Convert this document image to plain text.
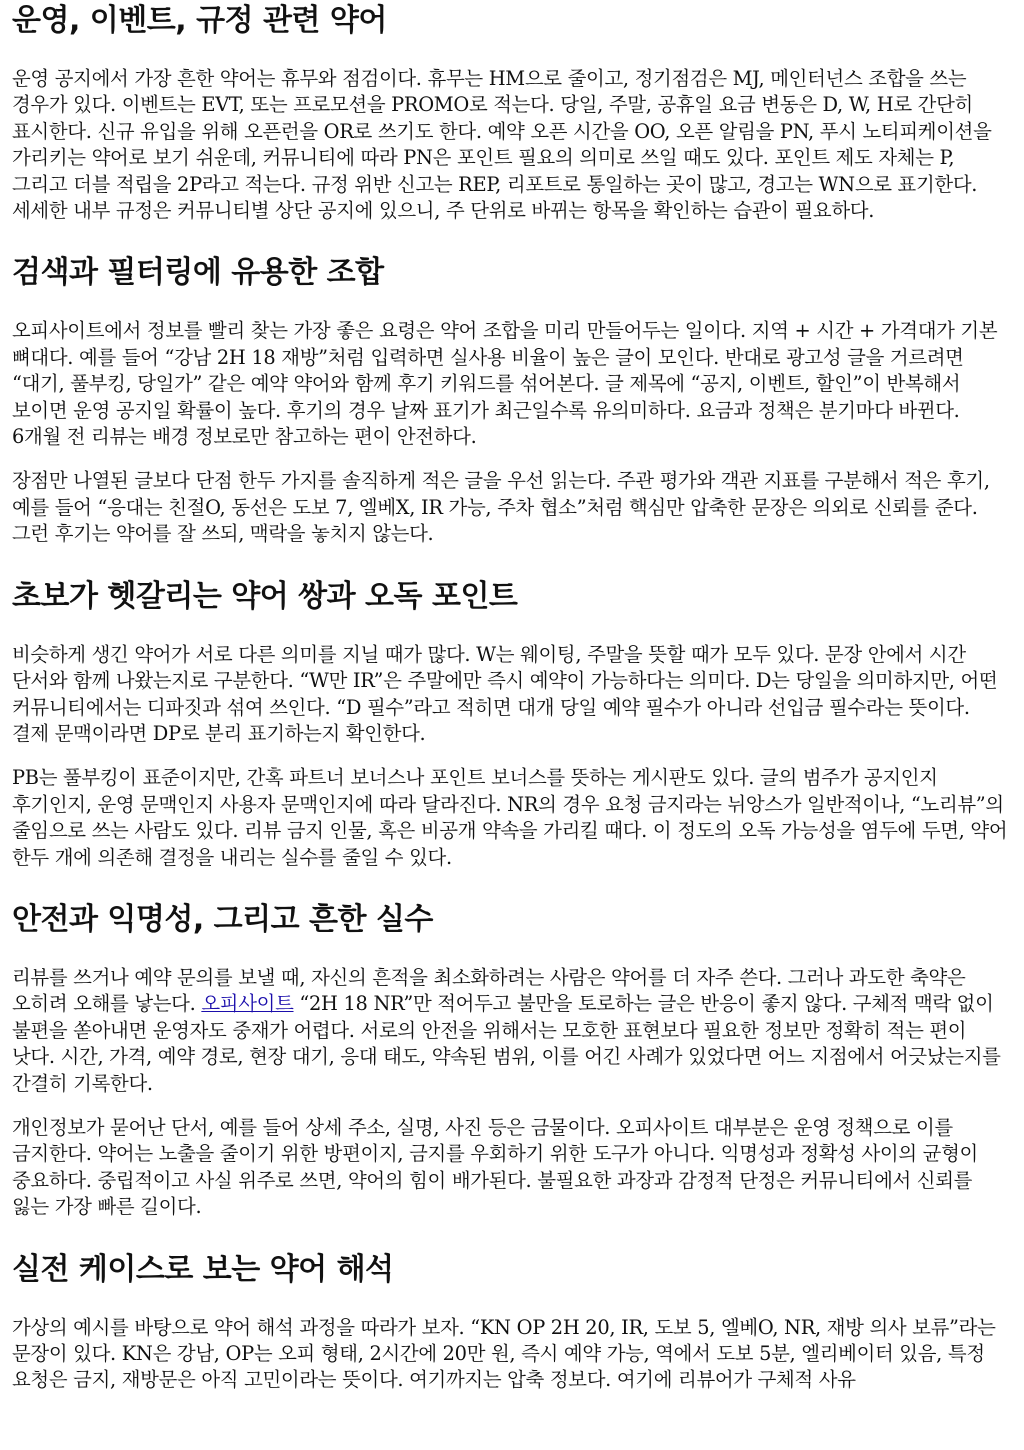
운영, 이벤트, 규정 관련 약어

운영 공지에서 가장 흔한 약어는 휴무와 점검이다. 휴무는 HM으로 줄이고, 정기점검은 MJ, 메인터넌스 조합을 쓰는 경우가 있다. 이벤트는 EVT, 또는 프로모션을 PROMO로 적는다. 당일, 주말, 공휴일 요금 변동은 D, W, H로 간단히 표시한다. 신규 유입을 위해 오픈런을 OR로 쓰기도 한다. 예약 오픈 시간을 OO, 오픈 알림을 PN, 푸시 노티피케이션을 가리키는 약어로 보기 쉬운데, 커뮤니티에 따라 PN은 포인트 필요의 의미로 쓰일 때도 있다. 포인트 제도 자체는 P, 그리고 더블 적립을 2P라고 적는다. 규정 위반 신고는 REP, 리포트로 통일하는 곳이 많고, 경고는 WN으로 표기한다. 세세한 내부 규정은 커뮤니티별 상단 공지에 있으니, 주 단위로 바뀌는 항목을 확인하는 습관이 필요하다.

검색과 필터링에 유용한 조합

오피사이트에서 정보를 빨리 찾는 가장 좋은 요령은 약어 조합을 미리 만들어두는 일이다. 지역 + 시간 + 가격대가 기본 뼈대다. 예를 들어 “강남 2H 18 재방”처럼 입력하면 실사용 비율이 높은 글이 모인다. 반대로 광고성 글을 거르려면 “대기, 풀부킹, 당일가” 같은 예약 약어와 함께 후기 키워드를 섞어본다. 글 제목에 “공지, 이벤트, 할인”이 반복해서 보이면 운영 공지일 확률이 높다. 후기의 경우 날짜 표기가 최근일수록 유의미하다. 요금과 정책은 분기마다 바뀐다. 6개월 전 리뷰는 배경 정보로만 참고하는 편이 안전하다.

장점만 나열된 글보다 단점 한두 가지를 솔직하게 적은 글을 우선 읽는다. 주관 평가와 객관 지표를 구분해서 적은 후기, 예를 들어 “응대는 친절O, 동선은 도보 7, 엘베X, IR 가능, 주차 협소”처럼 핵심만 압축한 문장은 의외로 신뢰를 준다. 그런 후기는 약어를 잘 쓰되, 맥락을 놓치지 않는다.

초보가 헷갈리는 약어 쌍과 오독 포인트

비슷하게 생긴 약어가 서로 다른 의미를 지닐 때가 많다. W는 웨이팅, 주말을 뜻할 때가 모두 있다. 문장 안에서 시간 단서와 함께 나왔는지로 구분한다. “W만 IR”은 주말에만 즉시 예약이 가능하다는 의미다. D는 당일을 의미하지만, 어떤 커뮤니티에서는 디파짓과 섞여 쓰인다. “D 필수”라고 적히면 대개 당일 예약 필수가 아니라 선입금 필수라는 뜻이다. 결제 문맥이라면 DP로 분리 표기하는지 확인한다.

PB는 풀부킹이 표준이지만, 간혹 파트너 보너스나 포인트 보너스를 뜻하는 게시판도 있다. 글의 범주가 공지인지 후기인지, 운영 문맥인지 사용자 문맥인지에 따라 달라진다. NR의 경우 요청 금지라는 뉘앙스가 일반적이나, “노리뷰”의 줄임으로 쓰는 사람도 있다. 리뷰 금지 인물, 혹은 비공개 약속을 가리킬 때다. 이 정도의 오독 가능성을 염두에 두면, 약어 한두 개에 의존해 결정을 내리는 실수를 줄일 수 있다.

안전과 익명성, 그리고 흔한 실수

리뷰를 쓰거나 예약 문의를 보낼 때, 자신의 흔적을 최소화하려는 사람은 약어를 더 자주 쓴다. 그러나 과도한 축약은 오히려 오해를 낳는다. 오피사이트 “2H 18 NR”만 적어두고 불만을 토로하는 글은 반응이 좋지 않다. 구체적 맥락 없이 불편을 쏟아내면 운영자도 중재가 어렵다. 서로의 안전을 위해서는 모호한 표현보다 필요한 정보만 정확히 적는 편이 낫다. 시간, 가격, 예약 경로, 현장 대기, 응대 태도, 약속된 범위, 이를 어긴 사례가 있었다면 어느 지점에서 어긋났는지를 간결히 기록한다.

개인정보가 묻어난 단서, 예를 들어 상세 주소, 실명, 사진 등은 금물이다. 오피사이트 대부분은 운영 정책으로 이를 금지한다. 약어는 노출을 줄이기 위한 방편이지, 금지를 우회하기 위한 도구가 아니다. 익명성과 정확성 사이의 균형이 중요하다. 중립적이고 사실 위주로 쓰면, 약어의 힘이 배가된다. 불필요한 과장과 감정적 단정은 커뮤니티에서 신뢰를 잃는 가장 빠른 길이다.

실전 케이스로 보는 약어 해석

가상의 예시를 바탕으로 약어 해석 과정을 따라가 보자. “KN OP 2H 20, IR, 도보 5, 엘베O, NR, 재방 의사 보류”라는 문장이 있다. KN은 강남, OP는 오피 형태, 2시간에 20만 원, 즉시 예약 가능, 역에서 도보 5분, 엘리베이터 있음, 특정 요청은 금지, 재방문은 아직 고민이라는 뜻이다. 여기까지는 압축 정보다. 여기에 리뷰어가 구체적 사유
